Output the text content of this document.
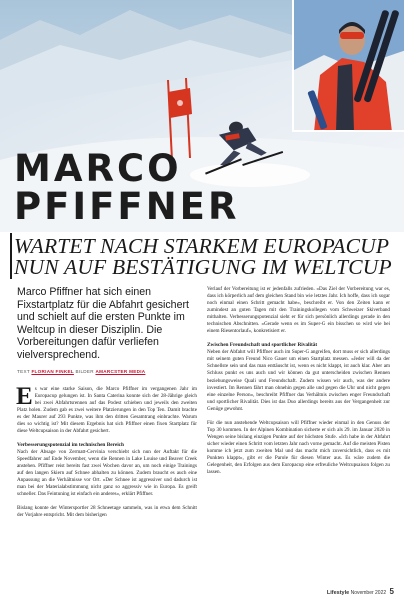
MARCO
PFIFFNER
WARTET NACH STARKEM EUROPACUP
NUN AUF BESTÄTIGUNG IM WELTCUP

Marco Pfiffner hat sich einen Fixstartplatz für die Abfahrt gesichert und schielt auf die ersten Punkte im Weltcup in dieser Disziplin. Die Vorbereitungen dafür verliefen vielversprechend.

TEXT FLORIAN FINKEL BILDER AMARCSTER MEDIA

Es war eine starke Saison, die Marco Pfiffner im vergangenen Jahr im Europacup gelungen ist. In Santa Caterina konnte sich der 28-Jährige gleich bei zwei Abfahrtsrennen auf das Podest schieben und jeweils den zweiten Platz holen. Zudem gab es zwei weitere Platzierungen in den Top Ten. Damit brachte es der Maurer auf 293 Punkte, was ihm den dritten Gesamtrang einbrachte. Warum dies so wichtig ist? Mit diesem Ergebnis hat sich Pfiffner einen fixen Startplatz für diese Weltcupsaison in der Abfahrt gesichert.

Verbesserungspotenzial im technischen Bereich

Nach der Absage von Zermatt-Cervinia verschiebt sich nun der Auftakt für die Speedfahrer auf Ende November, wenn die Rennen in Lake Louise und Beaver Creek anstehen. Pfiffner reist bereits fast zwei Wochen davor an, um noch einige Trainings auf den langen Skiern auf Schnee abhalten zu können. Zudem braucht es auch eine Anpassung an die Verhältnisse vor Ort. «Der Schnee ist aggressiver und dadurch ist man bei der Materialabstimmung nicht ganz so aggressiv wie in Europa. Es greift schneller. Das Feintuning ist einfach ein anderes», erklärt Pfiffner.

Bislang konnte der Wintersportler 28 Schneetage sammeln, was in etwa dem Schnitt der Vorjahre entspricht. Mit dem bisherigen

Verlauf der Vorbereitung ist er jedenfalls zufrieden. «Das Ziel der Vorbereitung war es, dass ich körperlich auf dem gleichen Stand bin wie letztes Jahr. Ich hoffe, dass ich sogar noch einmal einen Schritt gemacht habe», beschreibt er. Von den Zeiten kann er zumindest an guten Tagen mit den Trainingskollegen vom Schweizer Skiverband mithalten. Verbesserungspotenzial sieht er für sich persönlich allerdings gerade in den technischen Abschnitten. «Gerade wenn es im Super-G ein bisschen so wird wie bei einem Riesentorlauf», konkretisiert er.

Zwischen Freundschaft und sportlicher Rivalität

Neben der Abfahrt will Pfiffner auch im Super-G angreifen, dort muss er sich allerdings mit seinem guten Freund Nico Gauer um einen Startplatz messen. «Jeder will da der Schnellste sein und das man enttäuscht ist, wenn es nicht klappt, ist auch klar. Aber am Schluss punkt es uns auch und wir können da gut unterscheiden zwischen Rennen beziehungsweise Quali und Freundschaft. Zudem wissen wir auch, was der andere investiert. Im Rennen fährt man ohnehin gegen alle und gegen die Uhr und nicht gegen eine einzelne Person», beschreibt Pfiffner das Verhältnis zwischen enger Freundschaft und sportlicher Rivalität. Dies ist das Duo allerdings bereits aus der Vergangenheit zur Genüge gewohnt.

Für die nun anstehende Weltcupsaison will Pfiffner wieder einmal in den Genuss der Top 30 kommen. In der Alpinen Kombination sicherte er sich als 29. im Januar 2020 in Wengen seine bislang einzigen Punkte auf der höchsten Stufe. «Ich habe in der Abfahrt sicher wieder einen Schritt vom letzten Jahr nach vorne gemacht. Auf die meisten Pisten komme ich jetzt zum zweiten Mal und das macht mich zuversichtlich, dass es mit Punkten klappt», gibt er die Parole für diesen Winter aus. Es wäre zudem die Gelegenheit, den Erfolgen aus dem Europacup eine erfreuliche Weltcupsaison folgen zu lassen.

Lifestyle November 2022 5
